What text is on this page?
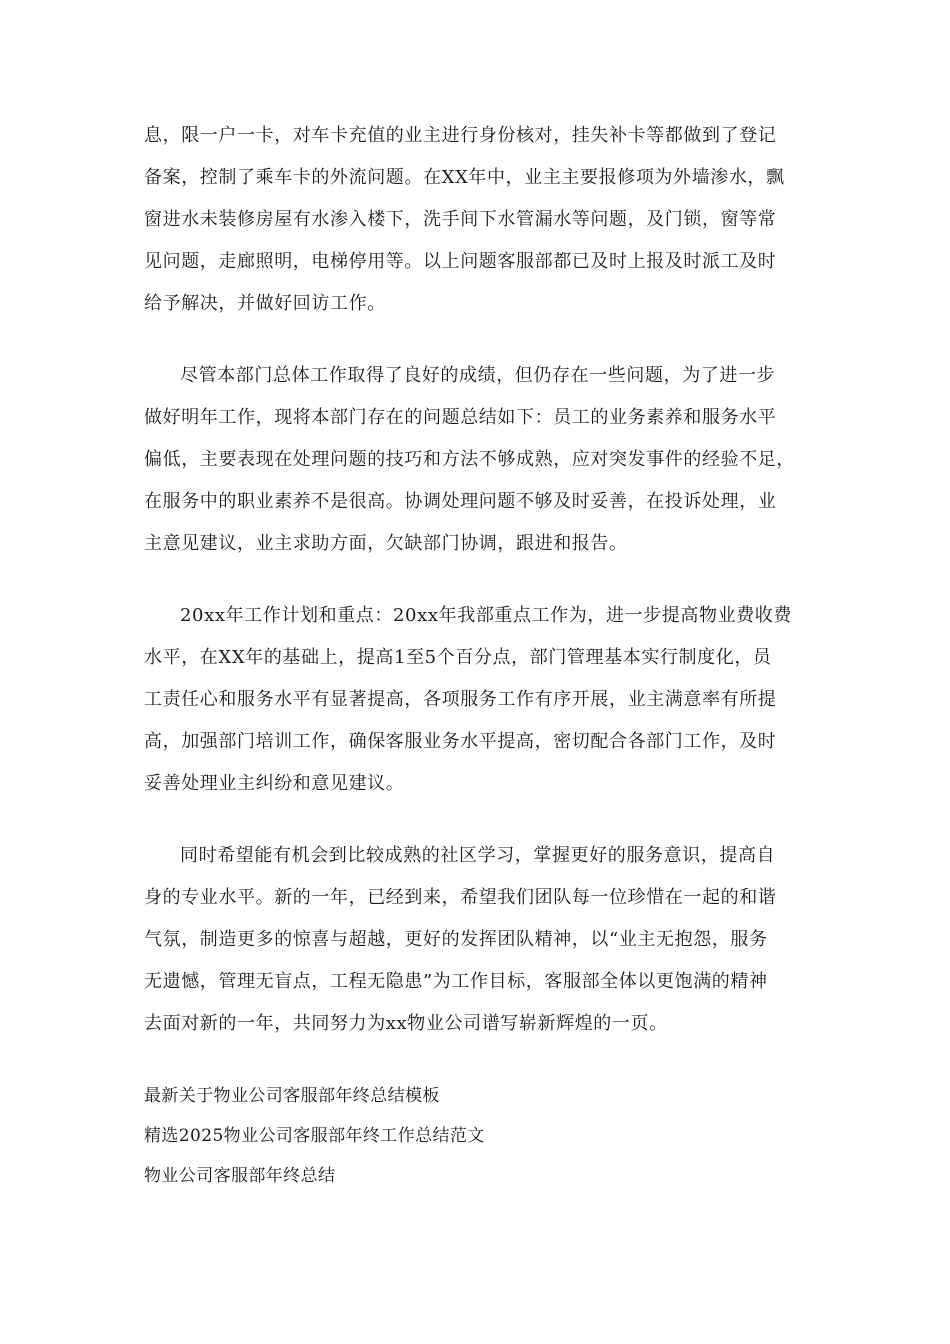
息，限一户一卡，对车卡充值的业主进行身份核对，挂失补卡等都做到了登记
备案，控制了乘车卡的外流问题。在XX年中，业主主要报修项为外墙渗水，飘
窗进水未装修房屋有水渗入楼下，洗手间下水管漏水等问题，及门锁，窗等常
见问题，走廊照明，电梯停用等。以上问题客服部都已及时上报及时派工及时
给予解决，并做好回访工作。
尽管本部门总体工作取得了良好的成绩，但仍存在一些问题，为了进一步
做好明年工作，现将本部门存在的问题总结如下：员工的业务素养和服务水平
偏低，主要表现在处理问题的技巧和方法不够成熟，应对突发事件的经验不足，
在服务中的职业素养不是很高。协调处理问题不够及时妥善，在投诉处理，业
主意见建议，业主求助方面，欠缺部门协调，跟进和报告。
20xx年工作计划和重点：20xx年我部重点工作为，进一步提高物业费收费
水平，在XX年的基础上，提高1至5个百分点，部门管理基本实行制度化，员
工责任心和服务水平有显著提高，各项服务工作有序开展，业主满意率有所提
高，加强部门培训工作，确保客服业务水平提高，密切配合各部门工作，及时
妥善处理业主纠纷和意见建议。
同时希望能有机会到比较成熟的社区学习，掌握更好的服务意识，提高自
身的专业水平。新的一年，已经到来，希望我们团队每一位珍惜在一起的和谐
气氛，制造更多的惊喜与超越，更好的发挥团队精神，以“业主无抱怨，服务
无遗憾，管理无盲点，工程无隐患”为工作目标，客服部全体以更饱满的精神
去面对新的一年，共同努力为xx物业公司谱写崭新辉煌的一页。
最新关于物业公司客服部年终总结模板
精选2025物业公司客服部年终工作总结范文
物业公司客服部年终总结
